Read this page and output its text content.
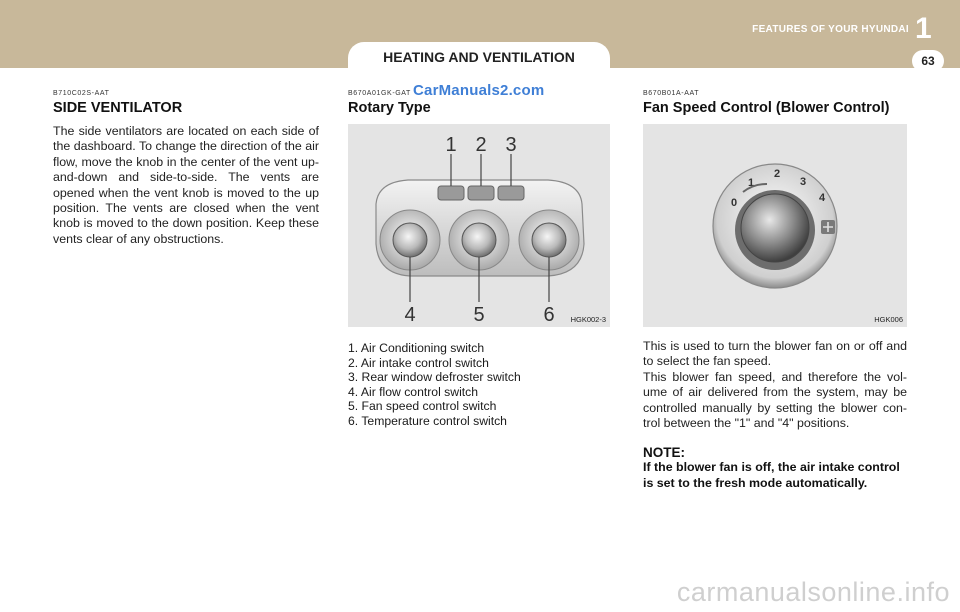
HEATING AND VENTILATION
FEATURES OF YOUR HYUNDAI 1
63

B710C02S-AAT

SIDE VENTILATOR

The side ventilators are located on each side of the dashboard. To change the direction of the air flow, move the knob in the center of the vent up-and-down and side-to-side. The vents are opened when the vent knob is moved to the up position. The vents are closed when the vent knob is moved to the down position. Keep these vents clear of any obstructions.

B670A01GK-GAT

Rotary Type

1 2 3
4	5	6 HGK002-3
1. Air Conditioning switch
2. Air intake control switch
3. Rear window defroster switch
4. Air flow control switch
5. Fan speed control switch
6. Temperature control switch
CarManuals2.com	B670B01A-AAT

Fan Speed Control (Blower Control)

0
1
2
3
4
HGK006

This is used to turn the blower fan on or off and to select the fan speed.
This blower fan speed, and therefore the vol-ume of air delivered from the system, may be controlled manually by setting the blower con-trol between the "1" and "4" positions.

NOTE:

If the blower fan is off, the air intake control is set to the fresh mode automatically.

carmanualsonline.info
